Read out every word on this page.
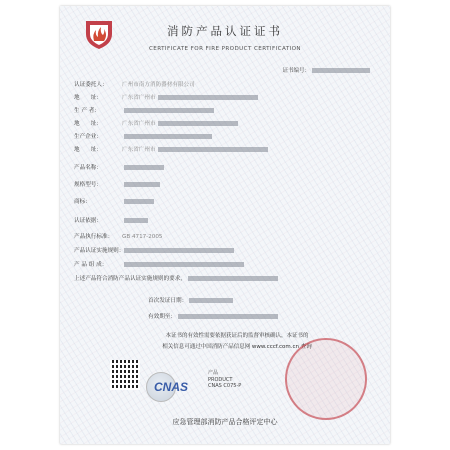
消防产品认证证书
CERTIFICATE FOR FIRE PRODUCT CERTIFICATION
证书编号：
认证委托人：	广州市南方消防器材有限公司
地　　址：	广东省广州市
生 产 者：
地　　址：	广东省广州市
生产企业：
地　　址：	广东省广州市
产品名称：
规格型号：
商标：
认证依据：
产品执行标准： GB 4717-2005
产品认证实施规则：
产 品 组 成：
上述产品符合消防产品认证实施规则的要求，
首次发证日期：
有效期至：
本证书的有效性需要依据获证后的监督审核确认，本证书的
相关信息可通过中国消防产品信息网 www.cccf.com.cn 查询
CNAS
产品
PRODUCT
CNAS C075-P
应急管理部消防产品合格评定中心
